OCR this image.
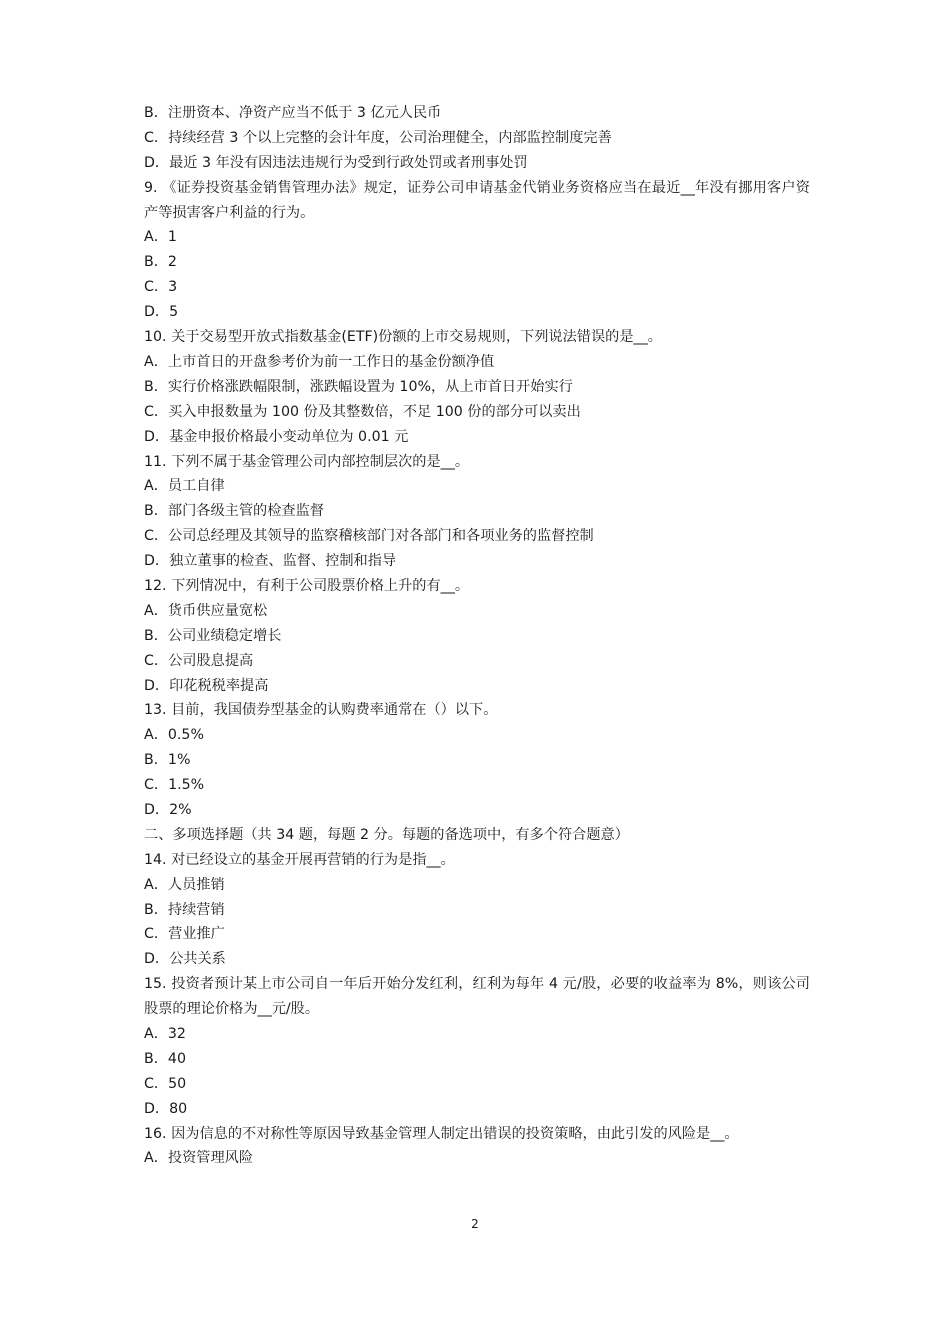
B．注册资本、净资产应当不低于 3 亿元人民币
C．持续经营 3 个以上完整的会计年度，公司治理健全，内部监控制度完善
D．最近 3 年没有因违法违规行为受到行政处罚或者刑事处罚
9. 《证券投资基金销售管理办法》规定，证券公司申请基金代销业务资格应当在最近__年没有挪用客户资产等损害客户利益的行为。
A．1
B．2
C．3
D．5
10. 关于交易型开放式指数基金(ETF)份额的上市交易规则，下列说法错误的是__。
A．上市首日的开盘参考价为前一工作日的基金份额净值
B．实行价格涨跌幅限制，涨跌幅设置为 10%，从上市首日开始实行
C．买入申报数量为 100 份及其整数倍，不足 100 份的部分可以卖出
D．基金申报价格最小变动单位为 0.01 元
11. 下列不属于基金管理公司内部控制层次的是__。
A．员工自律
B．部门各级主管的检查监督
C．公司总经理及其领导的监察稽核部门对各部门和各项业务的监督控制
D．独立董事的检查、监督、控制和指导
12. 下列情况中，有利于公司股票价格上升的有__。
A．货币供应量宽松
B．公司业绩稳定增长
C．公司股息提高
D．印花税税率提高
13. 目前，我国债券型基金的认购费率通常在（）以下。
A．0.5%
B．1%
C．1.5%
D．2%
二、多项选择题（共 34 题，每题 2 分。每题的备选项中，有多个符合题意）
14. 对已经设立的基金开展再营销的行为是指__。
A．人员推销
B．持续营销
C．营业推广
D．公共关系
15. 投资者预计某上市公司自一年后开始分发红利，红利为每年 4 元/股，必要的收益率为 8%，则该公司股票的理论价格为__元/股。
A．32
B．40
C．50
D．80
16. 因为信息的不对称性等原因导致基金管理人制定出错误的投资策略，由此引发的风险是__。
A．投资管理风险
2
